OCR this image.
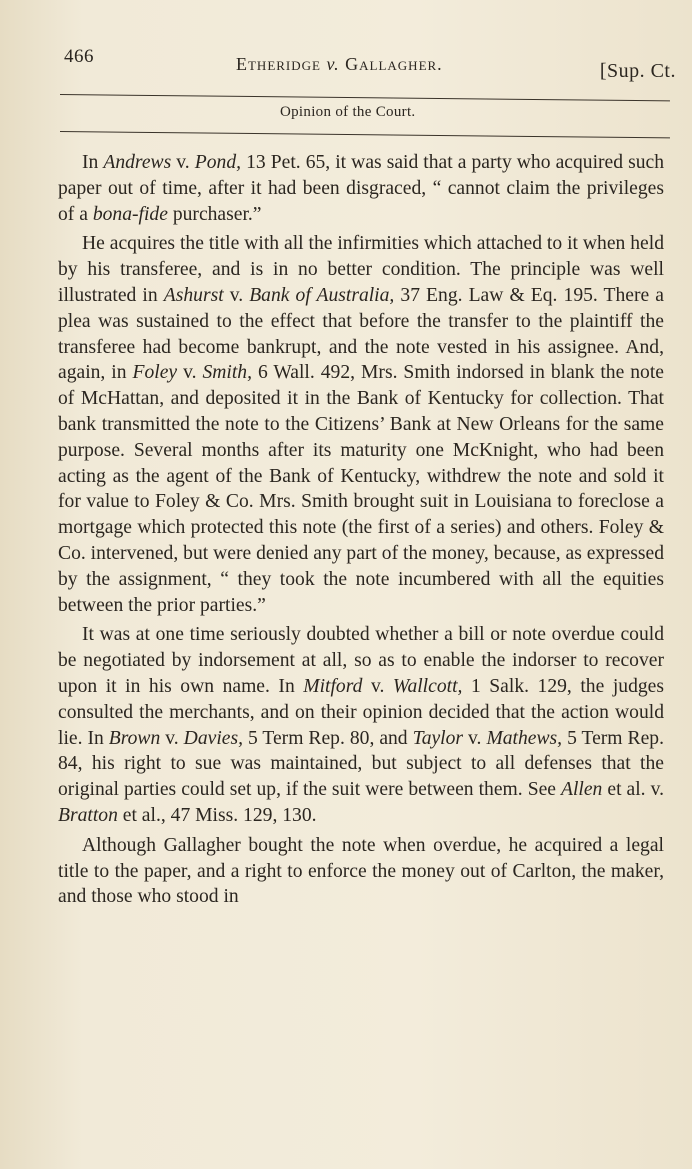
466	Etheridge v. Gallagher.	[Sup. Ct.
Opinion of the Court.

In Andrews v. Pond, 13 Pet. 65, it was said that a party who acquired such paper out of time, after it had been disgraced, “ cannot claim the privileges of a bona-fide purchaser.”

He acquires the title with all the infirmities which attached to it when held by his transferee, and is in no better condition. The principle was well illustrated in Ashurst v. Bank of Australia, 37 Eng. Law & Eq. 195. There a plea was sustained to the effect that before the transfer to the plaintiff the transferee had become bankrupt, and the note vested in his assignee. And, again, in Foley v. Smith, 6 Wall. 492, Mrs. Smith indorsed in blank the note of McHattan, and deposited it in the Bank of Kentucky for collection. That bank transmitted the note to the Citizens’ Bank at New Orleans for the same purpose. Several months after its maturity one McKnight, who had been acting as the agent of the Bank of Kentucky, withdrew the note and sold it for value to Foley & Co. Mrs. Smith brought suit in Louisiana to foreclose a mortgage which protected this note (the first of a series) and others. Foley & Co. intervened, but were denied any part of the money, because, as expressed by the assignment, “ they took the note incumbered with all the equities between the prior parties.”

It was at one time seriously doubted whether a bill or note overdue could be negotiated by indorsement at all, so as to enable the indorser to recover upon it in his own name. In Mitford v. Wallcott, 1 Salk. 129, the judges consulted the merchants, and on their opinion decided that the action would lie. In Brown v. Davies, 5 Term Rep. 80, and Taylor v. Mathews, 5 Term Rep. 84, his right to sue was maintained, but subject to all defenses that the original parties could set up, if the suit were between them. See Allen et al. v. Bratton et al., 47 Miss. 129, 130.

Although Gallagher bought the note when overdue, he acquired a legal title to the paper, and a right to enforce the money out of Carlton, the maker, and those who stood in
